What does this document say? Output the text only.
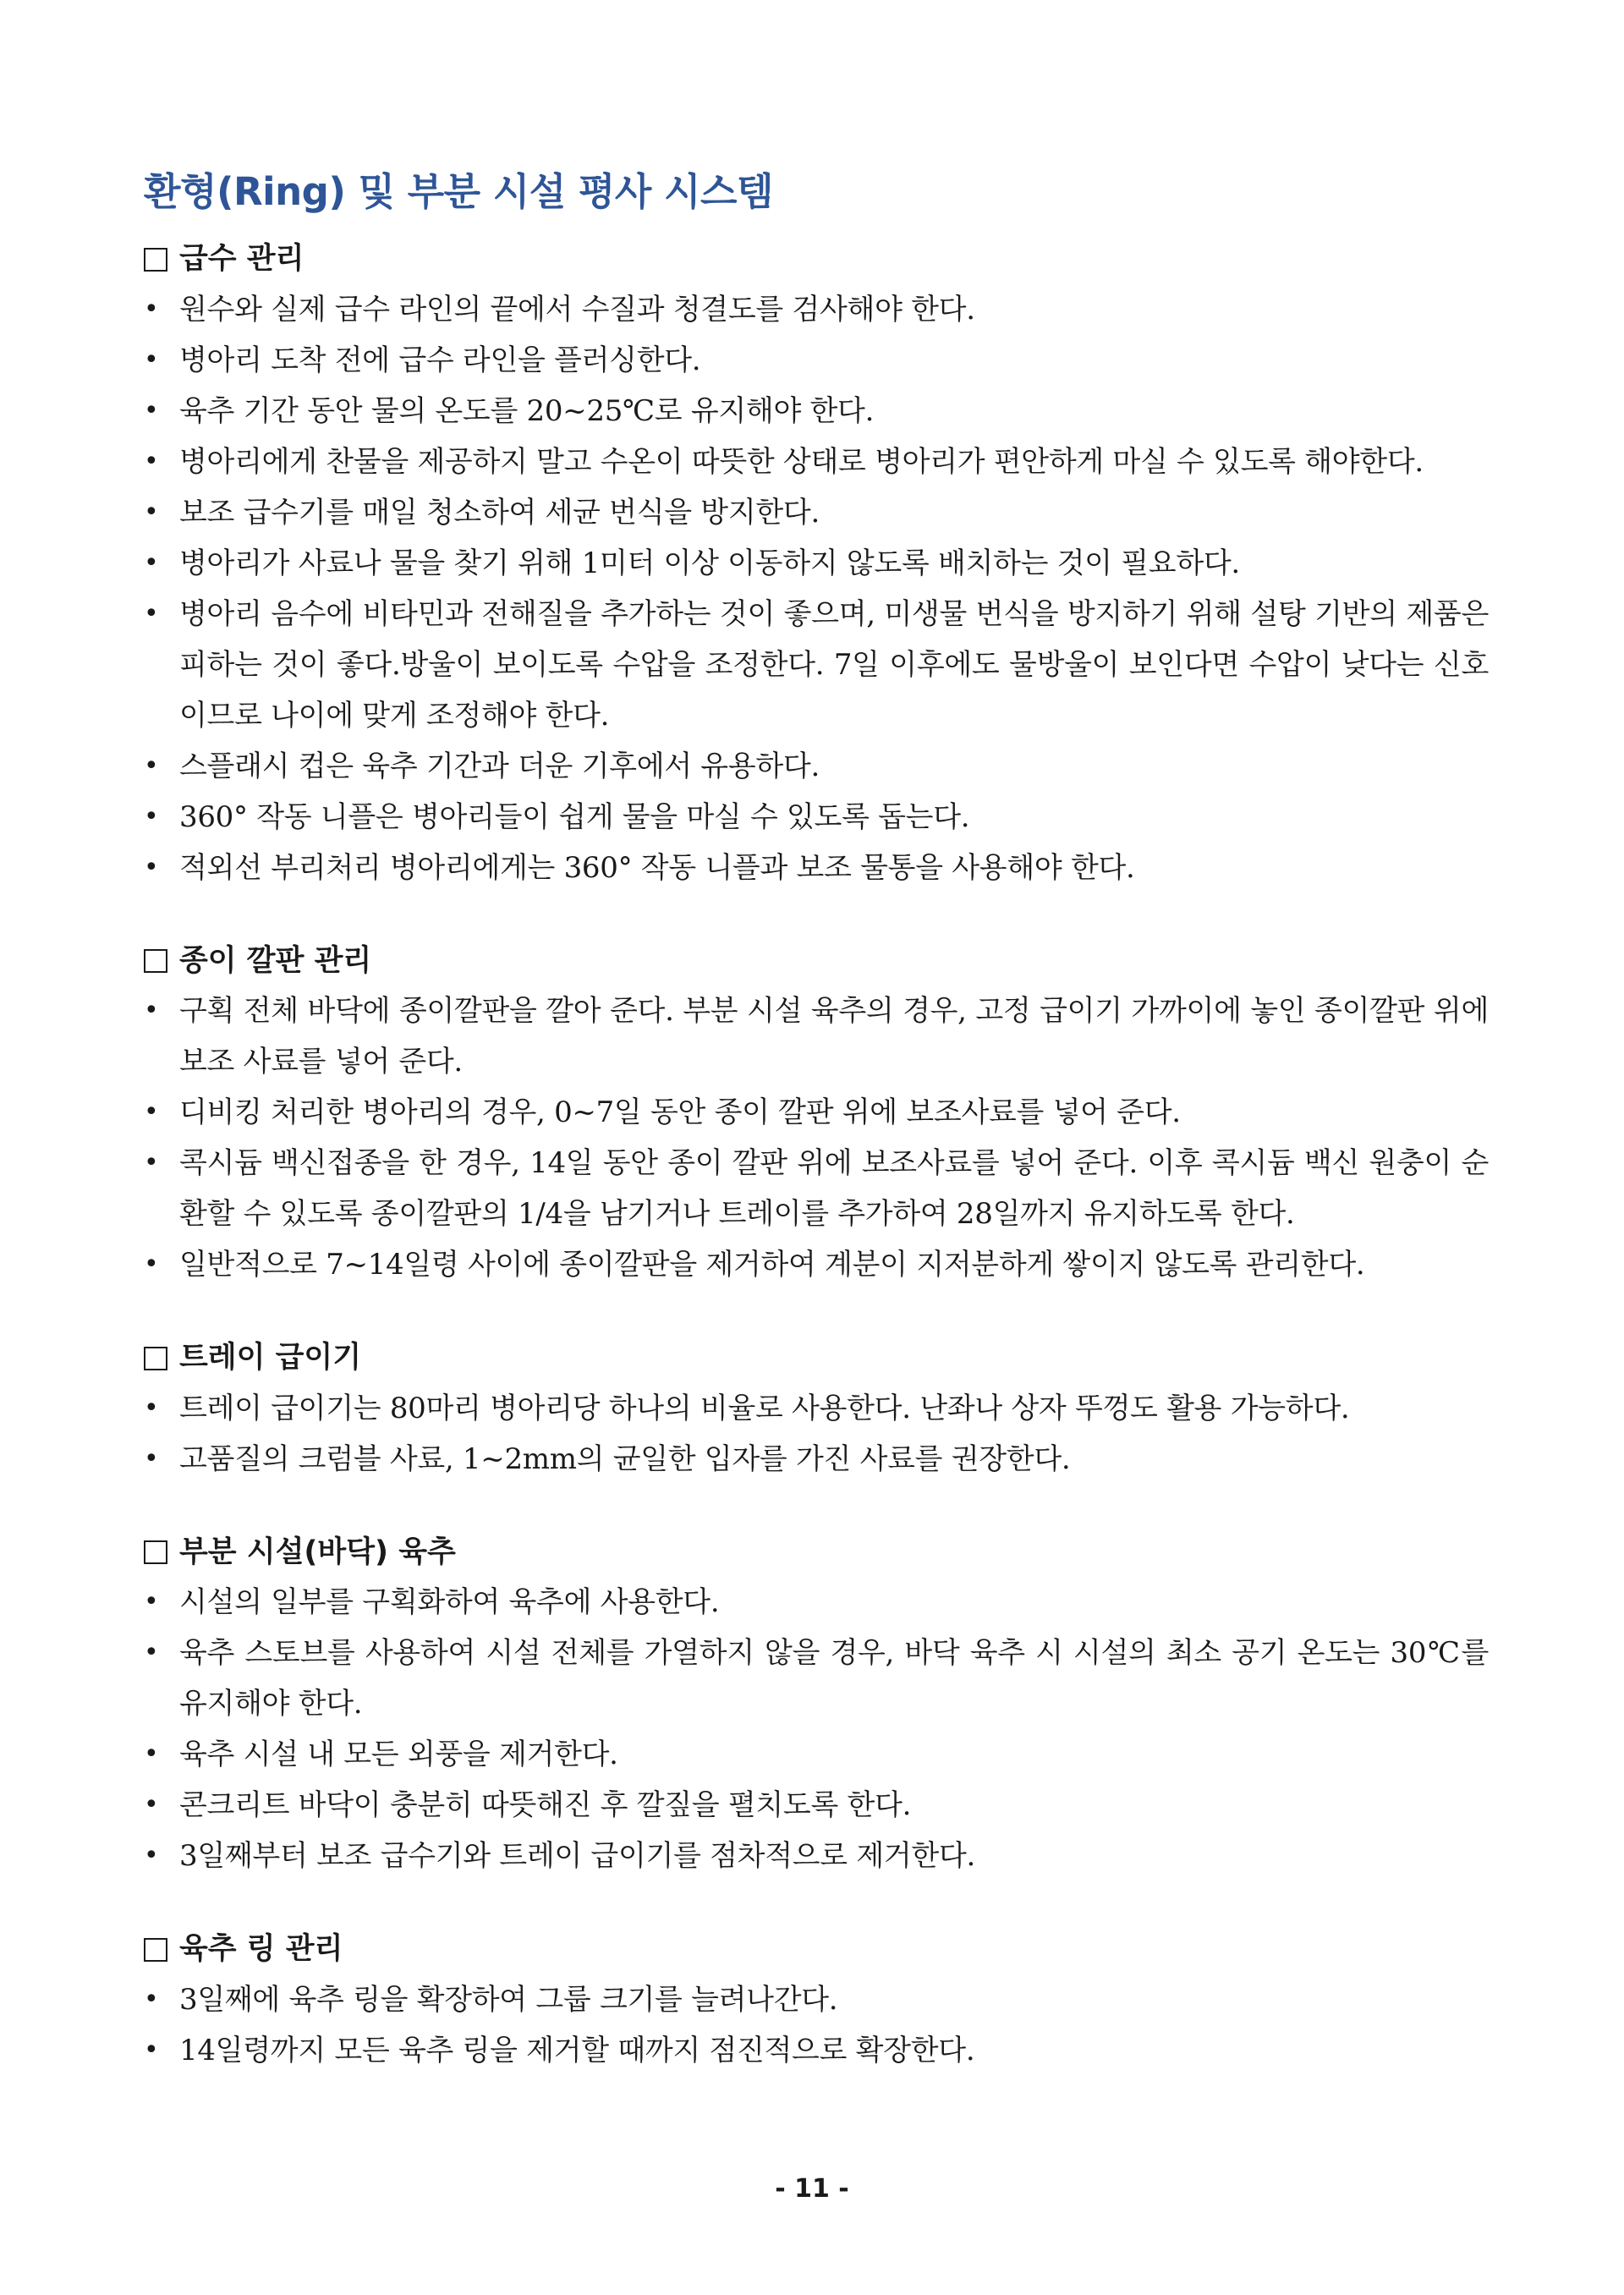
환형(Ring) 및 부분 시설 평사 시스템
급수 관리
• 원수와 실제 급수 라인의 끝에서 수질과 청결도를 검사해야 한다.
• 병아리 도착 전에 급수 라인을 플러싱한다.
• 육추 기간 동안 물의 온도를 20~25℃로 유지해야 한다.
• 병아리에게 찬물을 제공하지 말고 수온이 따뜻한 상태로 병아리가 편안하게 마실 수 있도록 해야한다.
• 보조 급수기를 매일 청소하여 세균 번식을 방지한다.
• 병아리가 사료나 물을 찾기 위해 1미터 이상 이동하지 않도록 배치하는 것이 필요하다.
• 병아리 음수에 비타민과 전해질을 추가하는 것이 좋으며, 미생물 번식을 방지하기 위해 설탕 기반의 제품은 피하는 것이 좋다.방울이 보이도록 수압을 조정한다. 7일 이후에도 물방울이 보인다면 수압이 낮다는 신호이므로 나이에 맞게 조정해야 한다.
• 스플래시 컵은 육추 기간과 더운 기후에서 유용하다.
• 360° 작동 니플은 병아리들이 쉽게 물을 마실 수 있도록 돕는다.
• 적외선 부리처리 병아리에게는 360° 작동 니플과 보조 물통을 사용해야 한다.
종이 깔판 관리
• 구획 전체 바닥에 종이깔판을 깔아 준다. 부분 시설 육추의 경우, 고정 급이기 가까이에 놓인 종이깔판 위에 보조 사료를 넣어 준다.
• 디비킹 처리한 병아리의 경우, 0~7일 동안 종이 깔판 위에 보조사료를 넣어 준다.
• 콕시듐 백신접종을 한 경우, 14일 동안 종이 깔판 위에 보조사료를 넣어 준다. 이후 콕시듐 백신 원충이 순환할 수 있도록 종이깔판의 1/4을 남기거나 트레이를 추가하여 28일까지 유지하도록 한다.
• 일반적으로 7~14일령 사이에 종이깔판을 제거하여 계분이 지저분하게 쌓이지 않도록 관리한다.
트레이 급이기
• 트레이 급이기는 80마리 병아리당 하나의 비율로 사용한다. 난좌나 상자 뚜껑도 활용 가능하다.
• 고품질의 크럼블 사료, 1~2mm의 균일한 입자를 가진 사료를 권장한다.
부분 시설(바닥) 육추
• 시설의 일부를 구획화하여 육추에 사용한다.
• 육추 스토브를 사용하여 시설 전체를 가열하지 않을 경우, 바닥 육추 시 시설의 최소 공기 온도는 30℃를 유지해야 한다.
• 육추 시설 내 모든 외풍을 제거한다.
• 콘크리트 바닥이 충분히 따뜻해진 후 깔짚을 펼치도록 한다.
• 3일째부터 보조 급수기와 트레이 급이기를 점차적으로 제거한다.
육추 링 관리
• 3일째에 육추 링을 확장하여 그룹 크기를 늘려나간다.
• 14일령까지 모든 육추 링을 제거할 때까지 점진적으로 확장한다.
- 11 -
